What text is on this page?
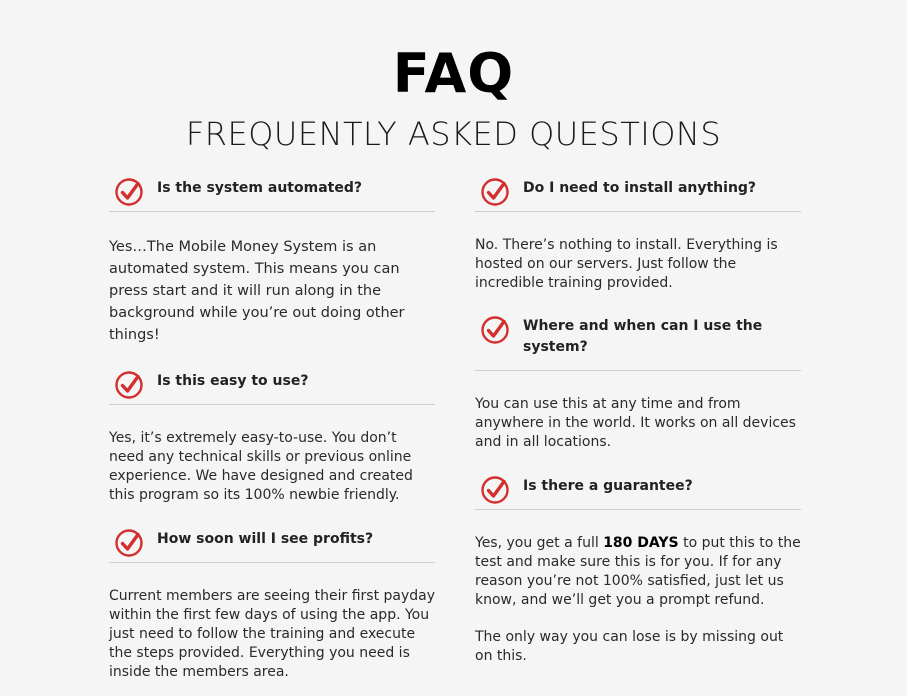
FAQ
FREQUENTLY ASKED QUESTIONS
Is the system automated?
Yes…The Mobile Money System is an automated system. This means you can press start and it will run along in the background while you’re out doing other things!
Is this easy to use?
Yes, it’s extremely easy-to-use. You don’t need any technical skills or previous online experience. We have designed and created this program so its 100% newbie friendly.
How soon will I see profits?
Current members are seeing their first payday within the first few days of using the app. You just need to follow the training and execute the steps provided. Everything you need is inside the members area.
Do I need to install anything?
No. There’s nothing to install. Everything is hosted on our servers. Just follow the incredible training provided.
Where and when can I use the system?
You can use this at any time and from anywhere in the world. It works on all devices and in all locations.
Is there a guarantee?
Yes, you get a full 180 DAYS to put this to the test and make sure this is for you. If for any reason you’re not 100% satisfied, just let us know, and we’ll get you a prompt refund.
The only way you can lose is by missing out on this.
